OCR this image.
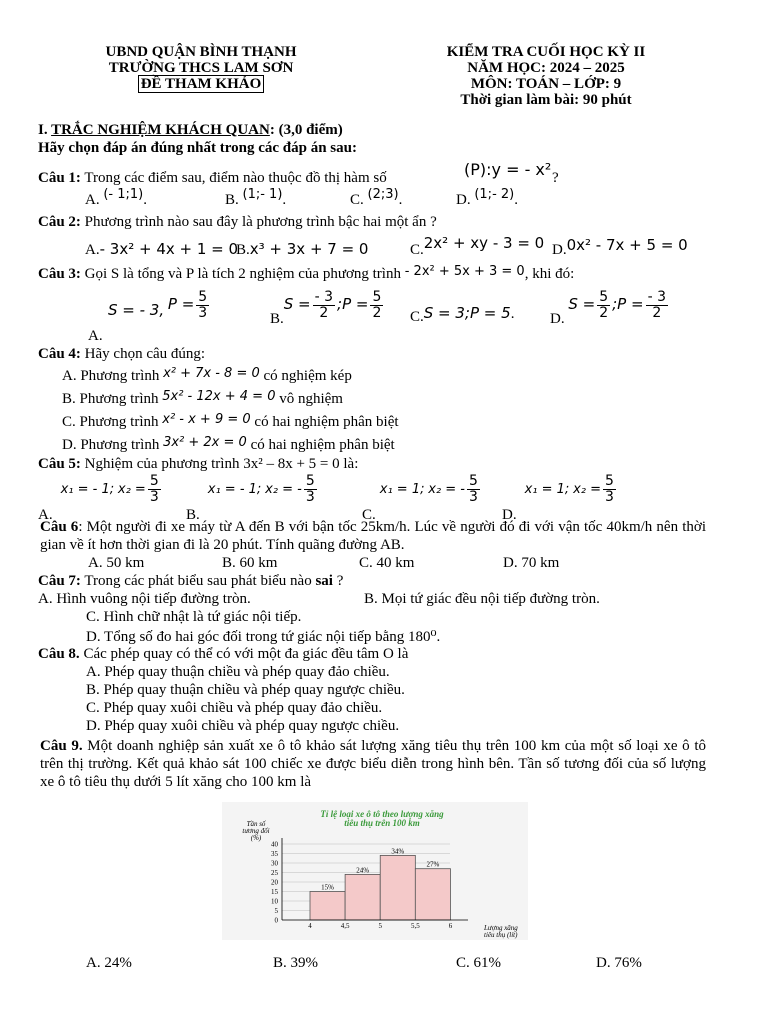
UBND QUẬN BÌNH THẠNH
TRƯỜNG THCS LAM SƠN
ĐỀ THAM KHẢO
KIỂM TRA CUỐI HỌC KỲ II
NĂM HỌC: 2024 – 2025
MÔN: TOÁN – LỚP: 9
Thời gian làm bài: 90 phút
I. TRẮC NGHIỆM KHÁCH QUAN: (3,0 điểm)
Hãy chọn đáp án đúng nhất trong các đáp án sau:
Câu 1: Trong các điểm sau, điểm nào thuộc đồ thị hàm số	(P):y = - x² ?
A. (- 1;1).	B. (1;- 1).	C. (2;3).	D. (1;- 2).
Câu 2: Phương trình nào sau đây là phương trình bậc hai một ẩn ?
A.- 3x² + 4x + 1 = 0
B.x³ + 3x + 7 = 0	C.2x² + xy - 3 = 0 D.0x² - 7x + 5 = 0
Câu 3: Gọi S là tổng và P là tích 2 nghiệm của phương trình - 2x² + 5x + 3 = 0, khi đó:
S = - 3, $P = \frac{5}{3}$
A.
$B.S = \frac{- 3}{2}$ ;P = $\frac{5}{2} C.S$ = 3;P = 5. D. $S = \frac{5}{2}$ ;P = $\frac{- 3}{2}$
Câu 4: Hãy chọn câu đúng:
A. Phương trình x² + 7x - 8 = 0 có nghiệm kép
B. Phương trình 5x² - 12x + 4 = 0 vô nghiệm
C. Phương trình x² - x + 9 = 0 có hai nghiệm phân biệt
D. Phương trình 3x² + 2x = 0 có hai nghiệm phân biệt
Câu 5: Nghiệm của phương trình 3x² – 8x + 5 = 0 là:
A.x₁ = - 1; $x_2 = \frac{5}{3}$
B.x₁ = - 1; x₂ = - $\frac{5}{3}$
C.x₁ = 1; x₂ = - $\frac{5}{3}$
D.x₁ = 1; $x_2 = \frac{5}{3}$
Câu 6: Một người đi xe máy từ A đến B với bận tốc 25km/h. Lúc về người đó đi với vận tốc 40km/h nên thời gian về ít hơn thời gian đi là 20 phút. Tính quãng đường AB.
A. 50 km	B. 60 km	C. 40 km	D. 70 km
Câu 7: Trong các phát biểu sau phát biểu nào sai ?
A. Hình vuông nội tiếp đường tròn.	B. Mọi tứ giác đều nội tiếp đường tròn.
C. Hình chữ nhật là tứ giác nội tiếp.
D. Tổng số đo hai góc đối trong tứ giác nội tiếp bằng 180⁰.
Câu 8. Các phép quay có thể có với một đa giác đều tâm O là
A. Phép quay thuận chiều và phép quay đảo chiều.
B. Phép quay thuận chiều và phép quay ngược chiều.
C. Phép quay xuôi chiều và phép quay đảo chiều.
D. Phép quay xuôi chiều và phép quay ngược chiều.
Câu 9. Một doanh nghiệp sản xuất xe ô tô khảo sát lượng xăng tiêu thụ trên 100 km của một số loại xe ô tô trên thị trường. Kết quả khảo sát 100 chiếc xe được biểu diễn trong hình bên. Tần số tương đối của số lượng xe ô tô tiêu thụ dưới 5 lít xăng cho 100 km là
Tỉ lệ loại xe ô tô theo lượng xăng
tiêu thụ trên 100 km
Tần số
tương đối
(%)
Lượng xăng
tiêu thụ (lít)
15%
24%
34%
27%
0
5
10
15
20
25
30
35
40
4	4,5	5	5,5	6
A. 24%	B. 39%	C. 61%	D. 76%
